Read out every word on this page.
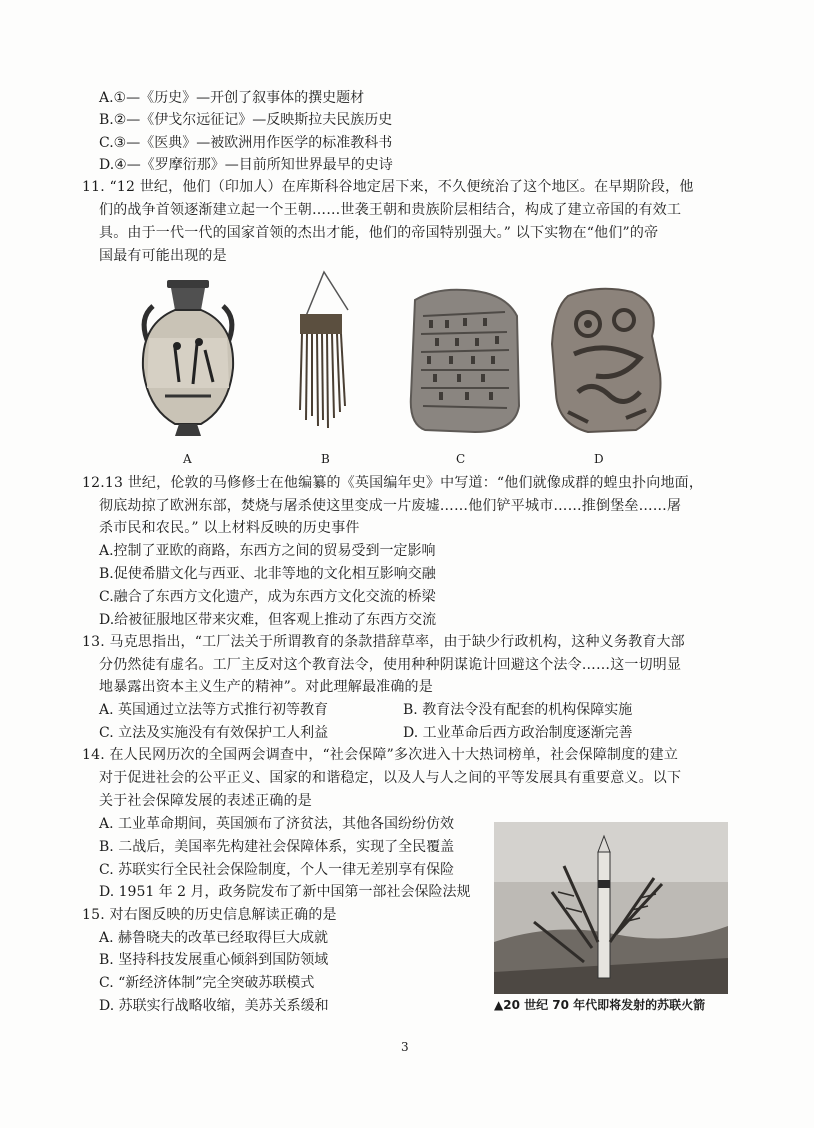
A.①—《历史》—开创了叙事体的撰史题材
B.②—《伊戈尔远征记》—反映斯拉夫民族历史
C.③—《医典》—被欧洲用作医学的标准教科书
D.④—《罗摩衍那》—目前所知世界最早的史诗
11. “12 世纪，他们（印加人）在库斯科谷地定居下来，不久便统治了这个地区。在早期阶段，他
们的战争首领逐渐建立起一个王朝……世袭王朝和贵族阶层相结合，构成了建立帝国的有效工
具。由于一代一代的国家首领的杰出才能，他们的帝国特别强大。” 以下实物在“他们”的帝
国最有可能出现的是
A	B	C	D
12.13 世纪，伦敦的马修修士在他编纂的《英国编年史》中写道：“他们就像成群的蝗虫扑向地面，
彻底劫掠了欧洲东部，焚烧与屠杀使这里变成一片废墟……他们铲平城市……推倒堡垒……屠
杀市民和农民。” 以上材料反映的历史事件
A.控制了亚欧的商路，东西方之间的贸易受到一定影响
B.促使希腊文化与西亚、北非等地的文化相互影响交融
C.融合了东西方文化遗产，成为东西方文化交流的桥梁
D.给被征服地区带来灾难，但客观上推动了东西方交流
13. 马克思指出，“工厂法关于所谓教育的条款措辞草率，由于缺少行政机构，这种义务教育大部
分仍然徒有虚名。工厂主反对这个教育法令，使用种种阴谋诡计回避这个法令……这一切明显
地暴露出资本主义生产的精神”。对此理解最准确的是
A. 英国通过立法等方式推行初等教育	B. 教育法令没有配套的机构保障实施
C. 立法及实施没有有效保护工人利益	D. 工业革命后西方政治制度逐渐完善
14. 在人民网历次的全国两会调查中，“社会保障”多次进入十大热词榜单，社会保障制度的建立
对于促进社会的公平正义、国家的和谐稳定，以及人与人之间的平等发展具有重要意义。以下
关于社会保障发展的表述正确的是
A. 工业革命期间，英国颁布了济贫法，其他各国纷纷仿效
B. 二战后，美国率先构建社会保障体系，实现了全民覆盖
C. 苏联实行全民社会保险制度，个人一律无差别享有保险
D. 1951 年 2 月，政务院发布了新中国第一部社会保险法规
15. 对右图反映的历史信息解读正确的是
A. 赫鲁晓夫的改革已经取得巨大成就
B. 坚持科技发展重心倾斜到国防领域
C. “新经济体制”完全突破苏联模式
D. 苏联实行战略收缩，美苏关系缓和	▲20 世纪 70 年代即将发射的苏联火箭
3
